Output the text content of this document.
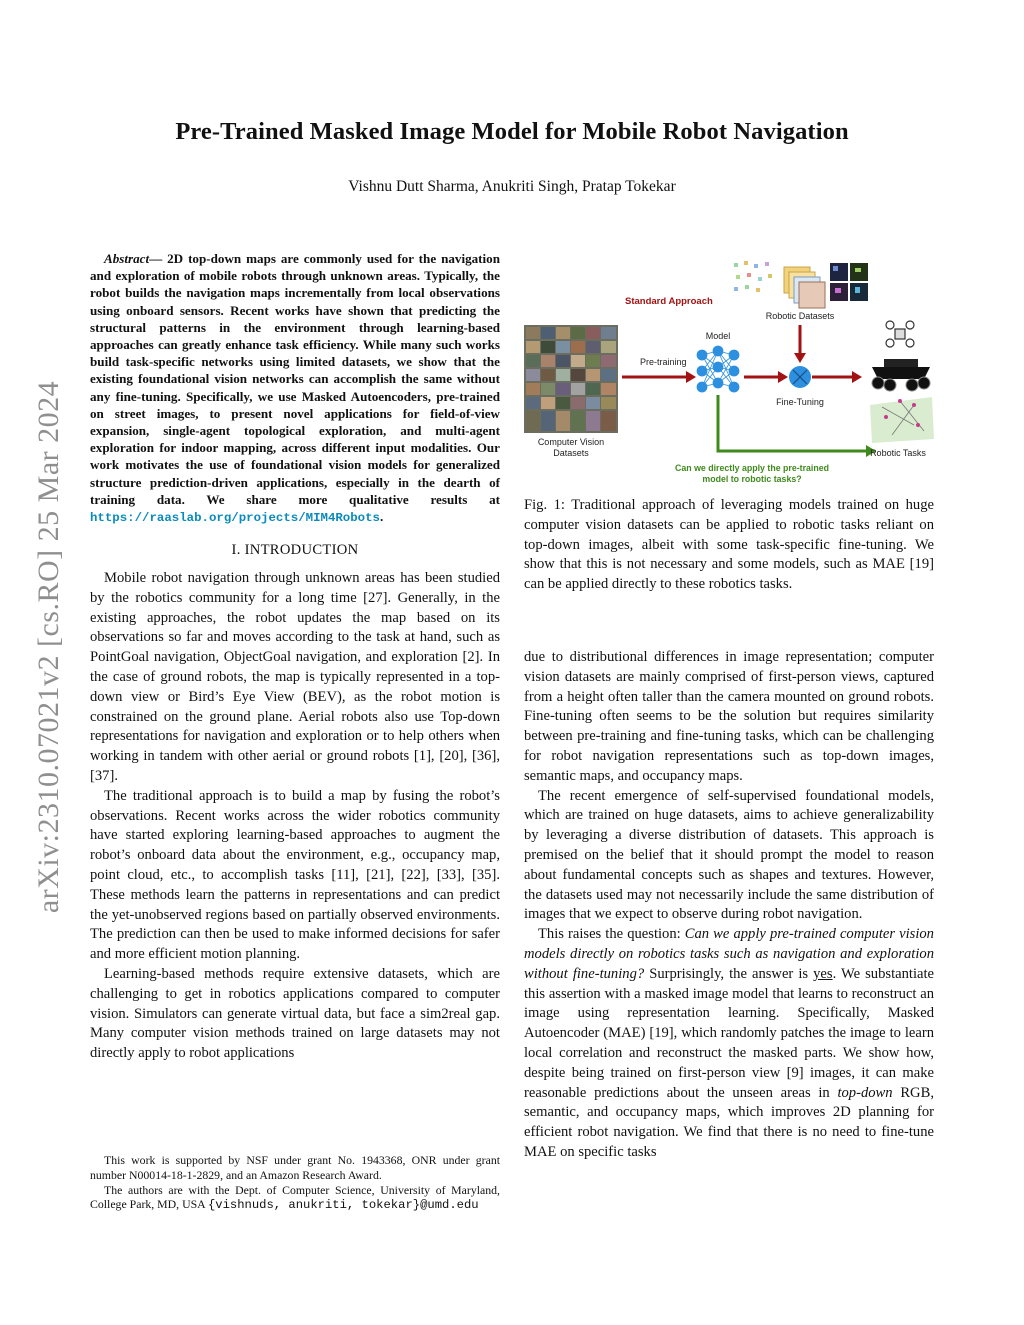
Pre-Trained Masked Image Model for Mobile Robot Navigation
Vishnu Dutt Sharma, Anukriti Singh, Pratap Tokekar
arXiv:2310.07021v2 [cs.RO] 25 Mar 2024

Abstract— 2D top-down maps are commonly used for the navigation and exploration of mobile robots through unknown areas. Typically, the robot builds the navigation maps incrementally from local observations using onboard sensors. Recent works have shown that predicting the structural patterns in the environment through learning-based approaches can greatly enhance task efficiency. While many such works build task-specific networks using limited datasets, we show that the existing foundational vision networks can accomplish the same without any fine-tuning. Specifically, we use Masked Autoencoders, pre-trained on street images, to present novel applications for field-of-view expansion, single-agent topological exploration, and multi-agent exploration for indoor mapping, across different input modalities. Our work motivates the use of foundational vision models for generalized structure prediction-driven applications, especially in the dearth of training data. We share more qualitative results at https://raaslab.org/projects/MIM4Robots.

I. INTRODUCTION

Mobile robot navigation through unknown areas has been studied by the robotics community for a long time [27]. Generally, in the existing approaches, the robot updates the map based on its observations so far and moves according to the task at hand, such as PointGoal navigation, ObjectGoal navigation, and exploration [2]. In the case of ground robots, the map is typically represented in a top-down view or Bird’s Eye View (BEV), as the robot motion is constrained on the ground plane. Aerial robots also use Top-down representations for navigation and exploration or to help others when working in tandem with other aerial or ground robots [1], [20], [36], [37].

The traditional approach is to build a map by fusing the robot’s observations. Recent works across the wider robotics community have started exploring learning-based approaches to augment the robot’s onboard data about the environment, e.g., occupancy map, point cloud, etc., to accomplish tasks [11], [21], [22], [33], [35]. These methods learn the patterns in representations and can predict the yet-unobserved regions based on partially observed environments. The prediction can then be used to make informed decisions for safer and more efficient motion planning.

Learning-based methods require extensive datasets, which are challenging to get in robotics applications compared to computer vision. Simulators can generate virtual data, but face a sim2real gap. Many computer vision methods trained on large datasets may not directly apply to robot applications

This work is supported by NSF under grant No. 1943368, ONR under grant number N00014-18-1-2829, and an Amazon Research Award.

The authors are with the Dept. of Computer Science, University of Maryland, College Park, MD, USA {vishnuds, anukriti, tokekar}@umd.edu

Standard Approach
Robotic Datasets
Computer Vision
Datasets
Model
Pre-training
Fine-Tuning
Can we directly apply the pre-trained
model to robotic tasks?
Robotic Tasks
Fig. 1: Traditional approach of leveraging models trained on huge computer vision datasets can be applied to robotic tasks reliant on top-down images, albeit with some task-specific fine-tuning. We show that this is not necessary and some models, such as MAE [19] can be applied directly to these robotics tasks.

due to distributional differences in image representation; computer vision datasets are mainly comprised of first-person views, captured from a height often taller than the camera mounted on ground robots. Fine-tuning often seems to be the solution but requires similarity between pre-training and fine-tuning tasks, which can be challenging for robot navigation representations such as top-down images, semantic maps, and occupancy maps.

The recent emergence of self-supervised foundational models, which are trained on huge datasets, aims to achieve generalizability by leveraging a diverse distribution of datasets. This approach is premised on the belief that it should prompt the model to reason about fundamental concepts such as shapes and textures. However, the datasets used may not necessarily include the same distribution of images that we expect to observe during robot navigation.

This raises the question: Can we apply pre-trained computer vision models directly on robotics tasks such as navigation and exploration without fine-tuning? Surprisingly, the answer is yes. We substantiate this assertion with a masked image model that learns to reconstruct an image using representation learning. Specifically, Masked Autoencoder (MAE) [19], which randomly patches the image to learn local correlation and reconstruct the masked parts. We show how, despite being trained on first-person view [9] images, it can make reasonable predictions about the unseen areas in top-down RGB, semantic, and occupancy maps, which improves 2D planning for efficient robot navigation. We find that there is no need to fine-tune MAE on specific tasks
